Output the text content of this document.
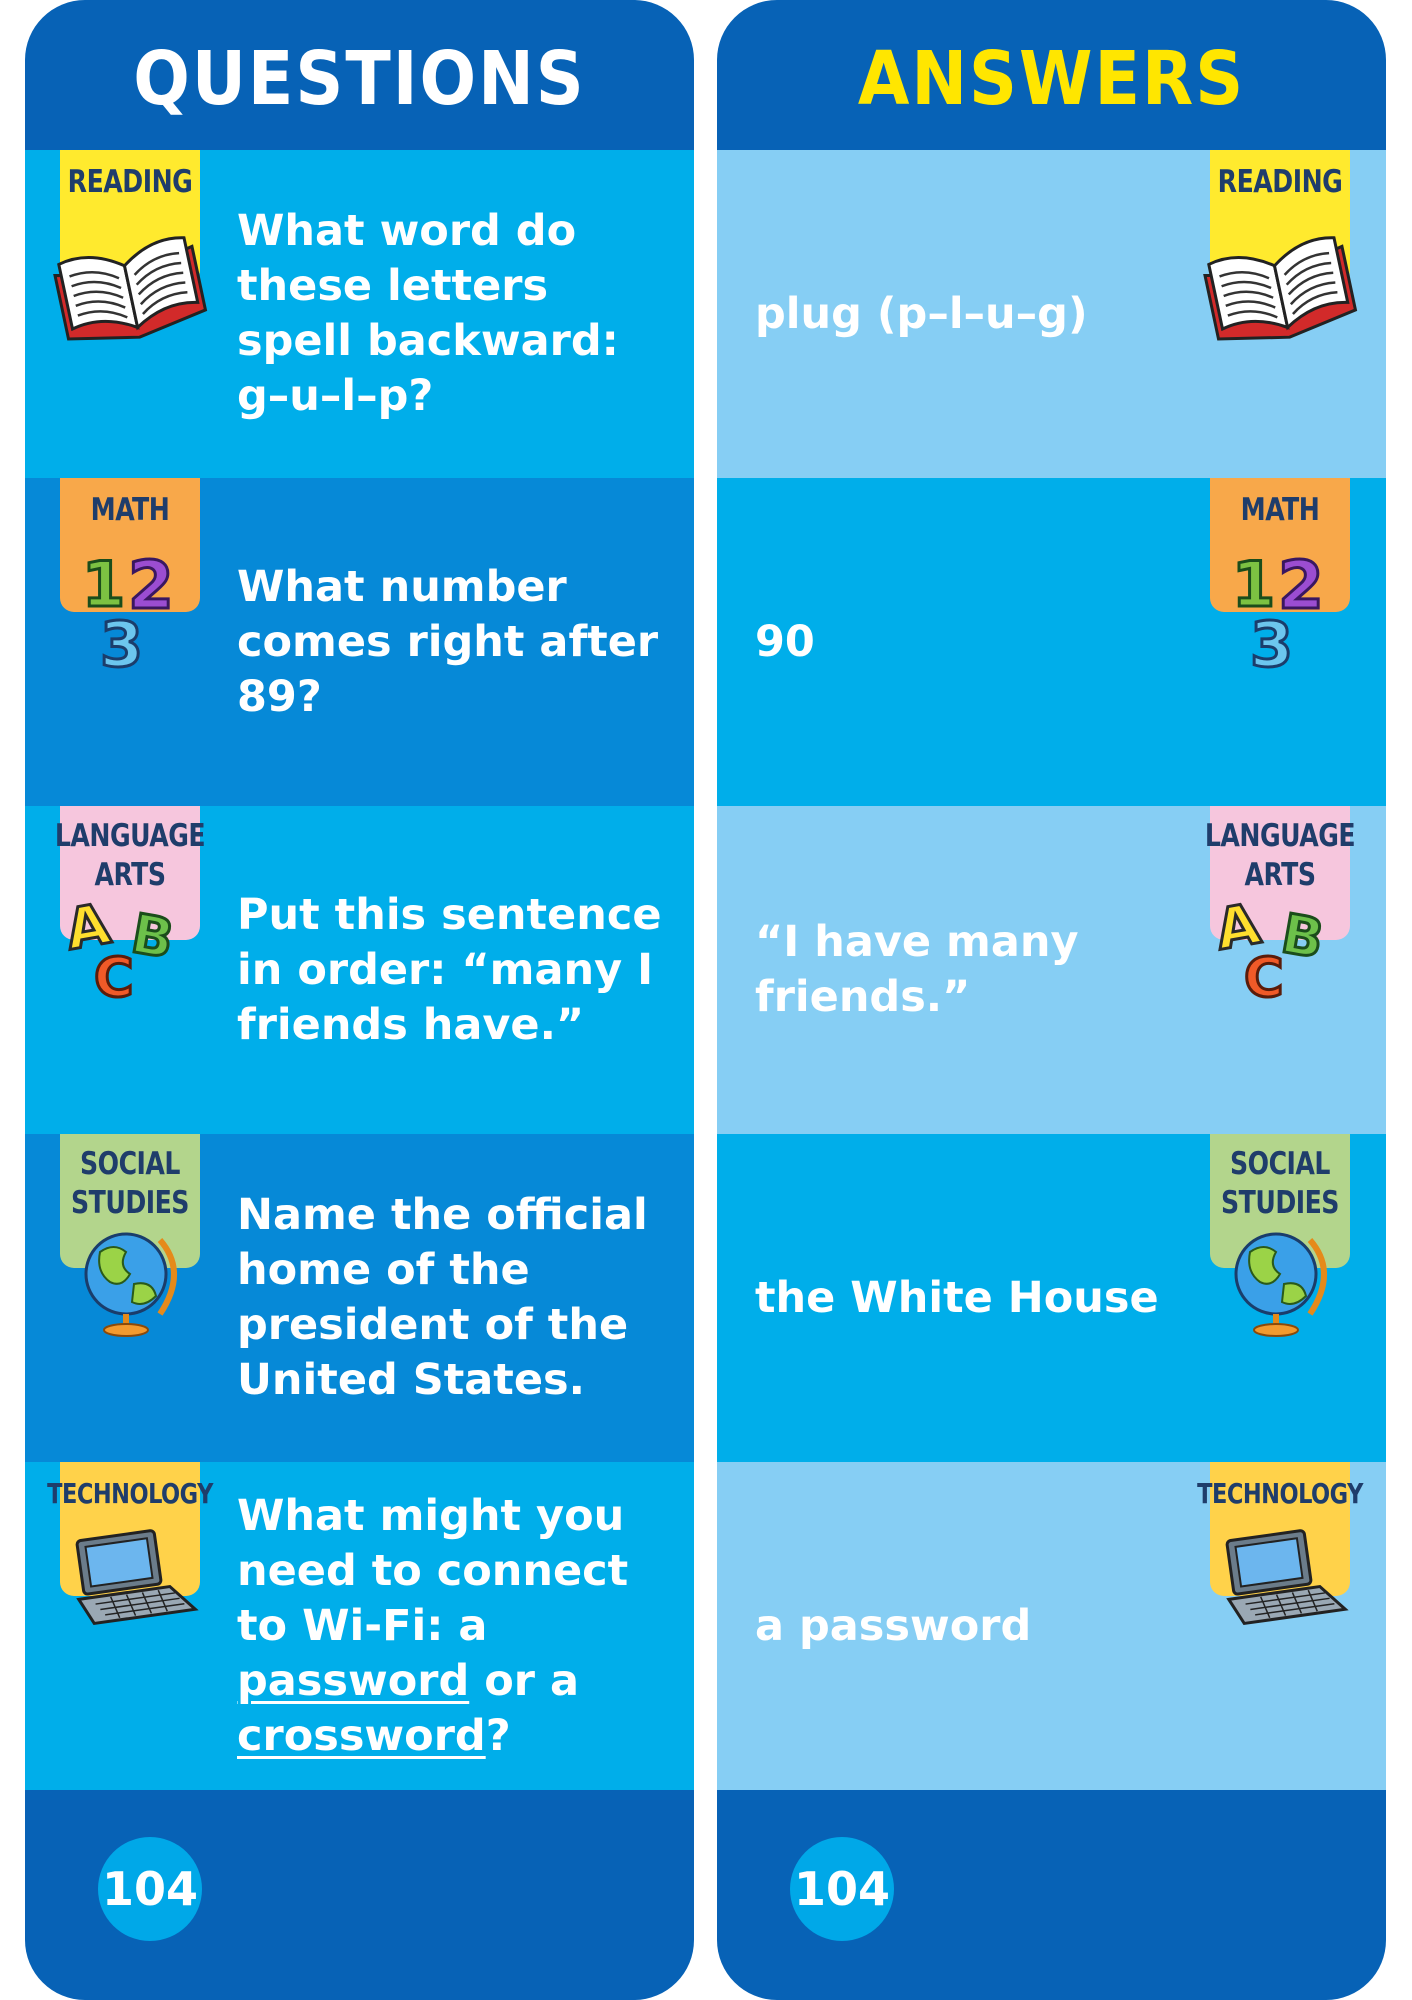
QUESTIONS
READING
What word do these letters spell backward: g–u–l–p?
MATH
1 2
3
What number comes right after 89?
LANGUAGE ARTS
A B
C
Put this sentence in order: “many I friends have.”
SOCIAL STUDIES Name the official home of the president of the United States.
TECHNOLOGY What might you need to connect to Wi-Fi: a password or a crossword?
104
ANSWERS
READING
plug (p–l–u–g)
MATH
1 2
3
90
LANGUAGE ARTS
A B
C
“I have many friends.”
SOCIAL STUDIES
the White House
TECHNOLOGY
a password
104
